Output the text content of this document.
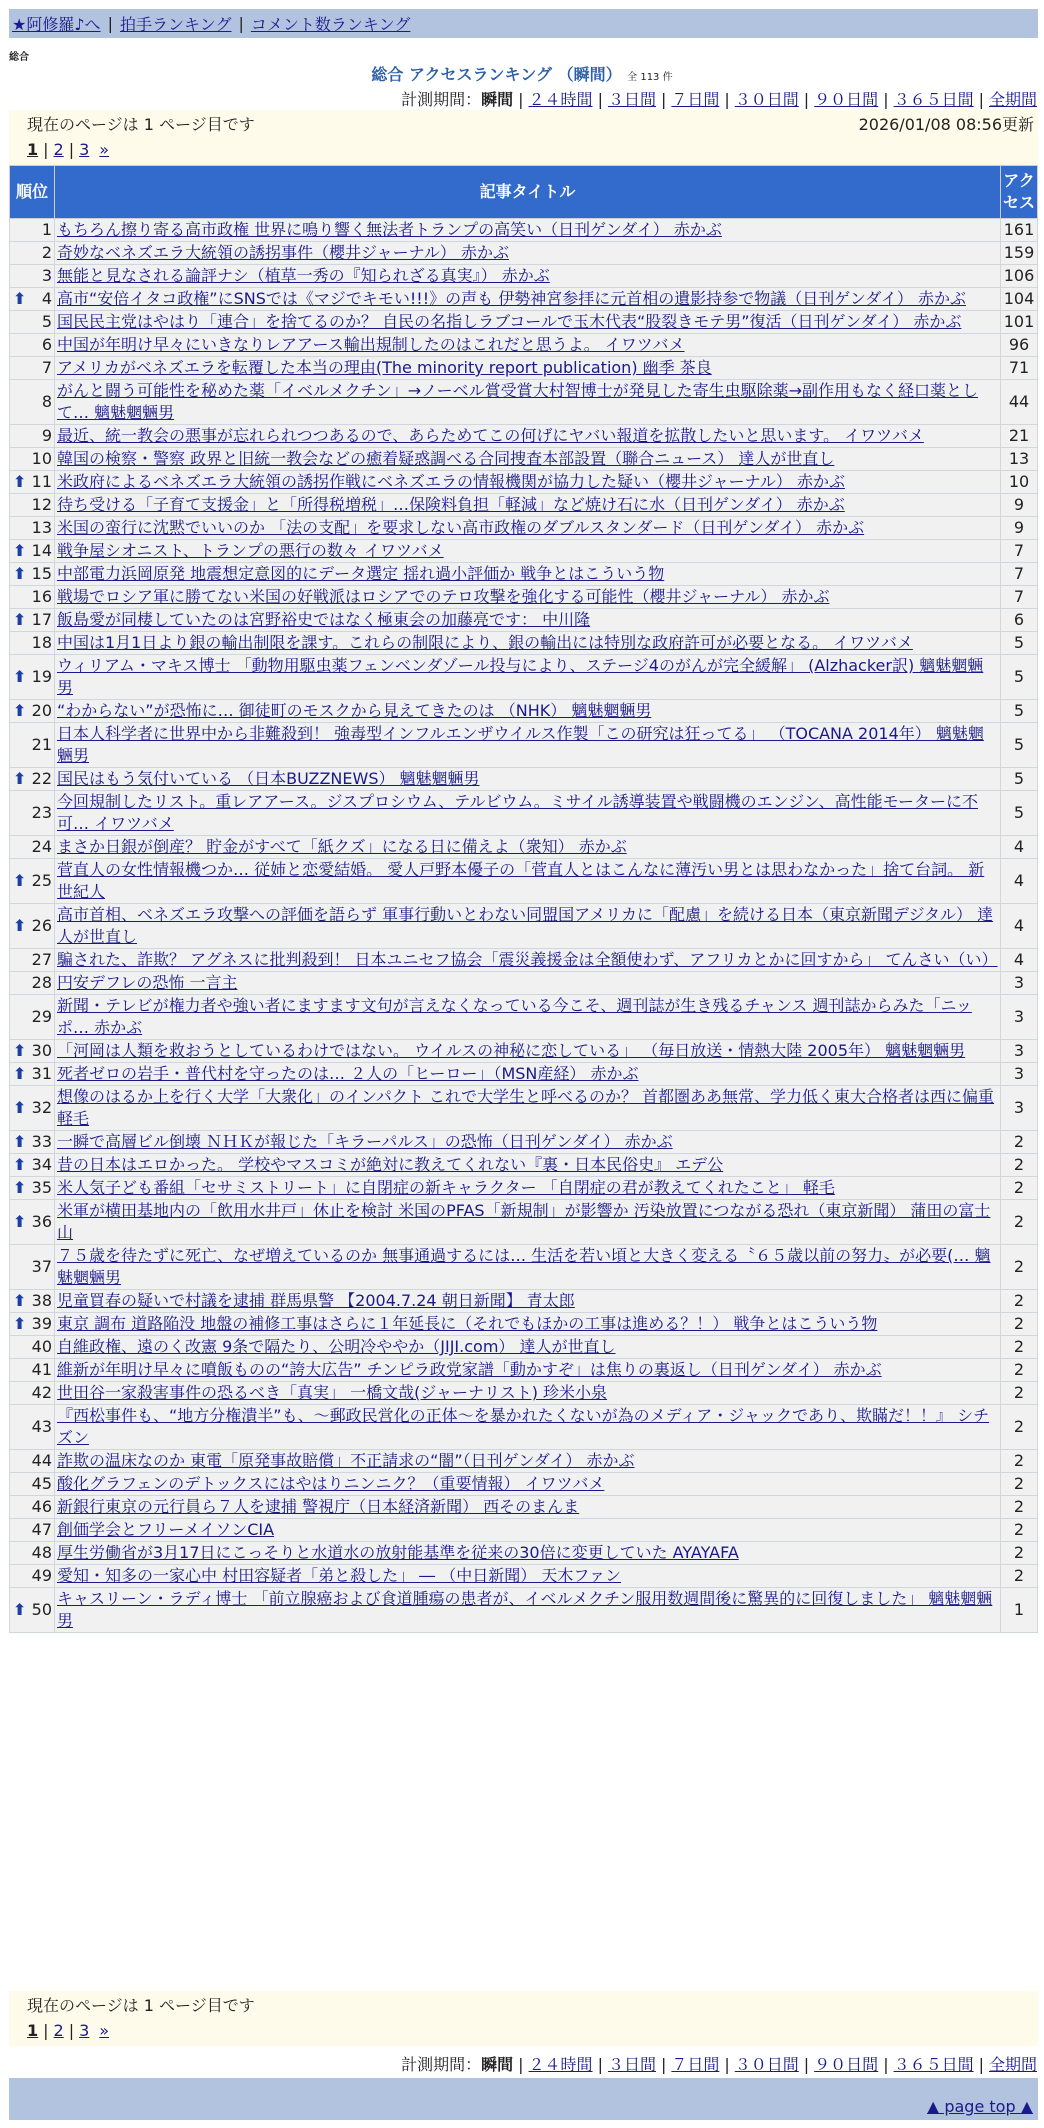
★阿修羅♪へ | 拍手ランキング | コメント数ランキング
総合
総合 アクセスランキング （瞬間） 全 113 件
計測期間： 瞬間 | ２４時間 | ３日間 | ７日間 | ３０日間 | ９０日間 | ３６５日間 | 全期間
現在のページは 1 ページ目です	2026/01/08 08:56更新
1 | 2 | 3 »
順位	記事タイトル	アクセス
1	もちろん擦り寄る高市政権 世界に鳴り響く無法者トランプの高笑い（日刊ゲンダイ） 赤かぶ	161
2	奇妙なベネズエラ大統領の誘拐事件（櫻井ジャーナル） 赤かぶ	159
3	無能と見なされる論評ナシ（植草一秀の『知られざる真実』） 赤かぶ	106

⬆ 4	高市“安倍イタコ政権”にSNSでは《マジでキモい!!!》の声も 伊勢神宮参拝に元首相の遺影持参で物議（日刊ゲンダイ） 赤かぶ	104
5	国民民主党はやはり「連合」を捨てるのか？ 自民の名指しラブコールで玉木代表“股裂きモテ男”復活（日刊ゲンダイ） 赤かぶ	101
6	中国が年明け早々にいきなりレアアース輸出規制したのはこれだと思うよ。 イワツバメ	96
7	アメリカがベネズエラを転覆した本当の理由(The minority report publication) 幽季 茶良	71
8	がんと闘う可能性を秘めた薬「イベルメクチン」→ノーベル賞受賞大村智博士が発見した寄生虫駆除薬→副作用もなく経口薬として… 魑魅魍魎男	44
9	最近、統一教会の悪事が忘れられつつあるので、あらためてこの何げにヤバい報道を拡散したいと思います。 イワツバメ	21
10	韓国の検察・警察 政界と旧統一教会などの癒着疑惑調べる合同捜査本部設置（聯合ニュース） 達人が世直し	13

⬆ 11	米政府によるベネズエラ大統領の誘拐作戦にベネズエラの情報機関が協力した疑い（櫻井ジャーナル） 赤かぶ	10
12	待ち受ける「子育て支援金」と「所得税増税」…保険料負担「軽減」など焼け石に水（日刊ゲンダイ） 赤かぶ	9
13	米国の蛮行に沈黙でいいのか 「法の支配」を要求しない高市政権のダブルスタンダード（日刊ゲンダイ） 赤かぶ	9

⬆ 14	戦争屋シオニスト、トランプの悪行の数々 イワツバメ	7

⬆ 15	中部電力浜岡原発 地震想定意図的にデータ選定 揺れ過小評価か 戦争とはこういう物	7
16	戦場でロシア軍に勝てない米国の好戦派はロシアでのテロ攻撃を強化する可能性（櫻井ジャーナル） 赤かぶ	7

⬆ 17	飯島愛が同棲していたのは宮野裕史ではなく極東会の加藤亮です： 中川隆	6
18	中国は1月1日より銀の輸出制限を課す。これらの制限により、銀の輸出には特別な政府許可が必要となる。 イワツバメ	5

⬆ 19	ウィリアム・マキス博士 「動物用駆虫薬フェンベンダゾール投与により、ステージ4のがんが完全緩解」 (Alzhacker訳) 魑魅魍魎男	5

⬆ 20	“わからない”が恐怖に… 御徒町のモスクから見えてきたのは （NHK） 魑魅魍魎男	5
21	日本人科学者に世界中から非難殺到！ 強毒型インフルエンザウイルス作製「この研究は狂ってる」 （TOCANA 2014年） 魑魅魍魎男	5

⬆ 22	国民はもう気付いている （日本BUZZNEWS） 魑魅魍魎男	5
23	今回規制したリスト。重レアアース。ジスプロシウム、テルビウム。ミサイル誘導装置や戦闘機のエンジン、高性能モーターに不可… イワツバメ	5
24	まさか日銀が倒産？ 貯金がすべて「紙クズ」になる日に備えよ（衆知） 赤かぶ	4

⬆ 25	菅直人の女性情報機つか… 従姉と恋愛結婚。 愛人戸野本優子の「菅直人とはこんなに薄汚い男とは思わなかった」捨て台詞。 新世紀人	4

⬆ 26	高市首相、ベネズエラ攻撃への評価を語らず 軍事行動いとわない同盟国アメリカに「配慮」を続ける日本（東京新聞デジタル） 達人が世直し	4
27	騙された、詐欺？ アグネスに批判殺到！ 日本ユニセフ協会「震災義援金は全額使わず、アフリカとかに回すから」 てんさい（い）	4
28	円安デフレの恐怖 一言主	3
29	新聞・テレビが権力者や強い者にますます文句が言えなくなっている今こそ、週刊誌が生き残るチャンス 週刊誌からみた「ニッポ… 赤かぶ	3

⬆ 30	「河岡は人類を救おうとしているわけではない。 ウイルスの神秘に恋している」 （毎日放送・情熱大陸 2005年） 魑魅魍魎男	3

⬆ 31	死者ゼロの岩手・普代村を守ったのは… ２人の「ヒーロー」（MSN産経） 赤かぶ	3

⬆ 32	想像のはるか上を行く大学「大衆化」のインパクト これで大学生と呼べるのか？ 首都圏ああ無常、学力低く東大合格者は西に偏重 軽毛	3

⬆ 33	一瞬で高層ビル倒壊 ＮＨＫが報じた「キラーパルス」の恐怖（日刊ゲンダイ） 赤かぶ	2

⬆ 34	昔の日本はエロかった。 学校やマスコミが絶対に教えてくれない『裏・日本民俗史』 エデ公	2

⬆ 35	米人気子ども番組「セサミストリート」に自閉症の新キャラクター 「自閉症の君が教えてくれたこと」 軽毛	2

⬆ 36	米軍が横田基地内の「飲用水井戸」休止を検討 米国のPFAS「新規制」が影響か 汚染放置につながる恐れ（東京新聞） 蒲田の富士山	2
37	７５歳を待たずに死亡、なぜ増えているのか 無事通過するには… 生活を若い頃と大きく変える〝６５歳以前の努力〟が必要(… 魑魅魍魎男	2

⬆ 38	児童買春の疑いで村議を逮捕 群馬県警 【2004.7.24 朝日新聞】 青太郎	2

⬆ 39	東京 調布 道路陥没 地盤の補修工事はさらに１年延長に（それでもほかの工事は進める？！） 戦争とはこういう物	2
40	自維政権、遠のく改憲 9条で隔たり、公明冷ややか（JIJI.com） 達人が世直し	2
41	維新が年明け早々に噴飯ものの“誇大広告” チンピラ政党家譜「動かすぞ」は焦りの裏返し（日刊ゲンダイ） 赤かぶ	2
42	世田谷一家殺害事件の恐るべき「真実」 一橋文哉(ジャーナリスト) 珍米小泉	2
43	『西松事件も、“地方分権潰半”も、〜郵政民営化の正体〜を暴かれたくないが為のメディア・ジャックであり、欺瞞だ！！』 シチズン	2
44	詐欺の温床なのか 東電「原発事故賠償」不正請求の“闇”（日刊ゲンダイ） 赤かぶ	2
45	酸化グラフェンのデトックスにはやはりニンニク？（重要情報） イワツバメ	2
46	新銀行東京の元行員ら７人を逮捕 警視庁（日本経済新聞） 西そのまんま	2
47	創価学会とフリーメイソンCIA	2
48	厚生労働省が3月17日にこっそりと水道水の放射能基準を従来の30倍に変更していた AYAYAFA	2
49	愛知・知多の一家心中 村田容疑者「弟と殺した」 ― （中日新聞） 天木ファン	2

⬆ 50	キャスリーン・ラディ博士 「前立腺癌および食道腫瘍の患者が、イベルメクチン服用数週間後に驚異的に回復しました」 魑魅魍魎男	1
現在のページは 1 ページ目です
1 | 2 | 3 »
計測期間： 瞬間 | ２４時間 | ３日間 | ７日間 | ３０日間 | ９０日間 | ３６５日間 | 全期間
▲ page top ▲
